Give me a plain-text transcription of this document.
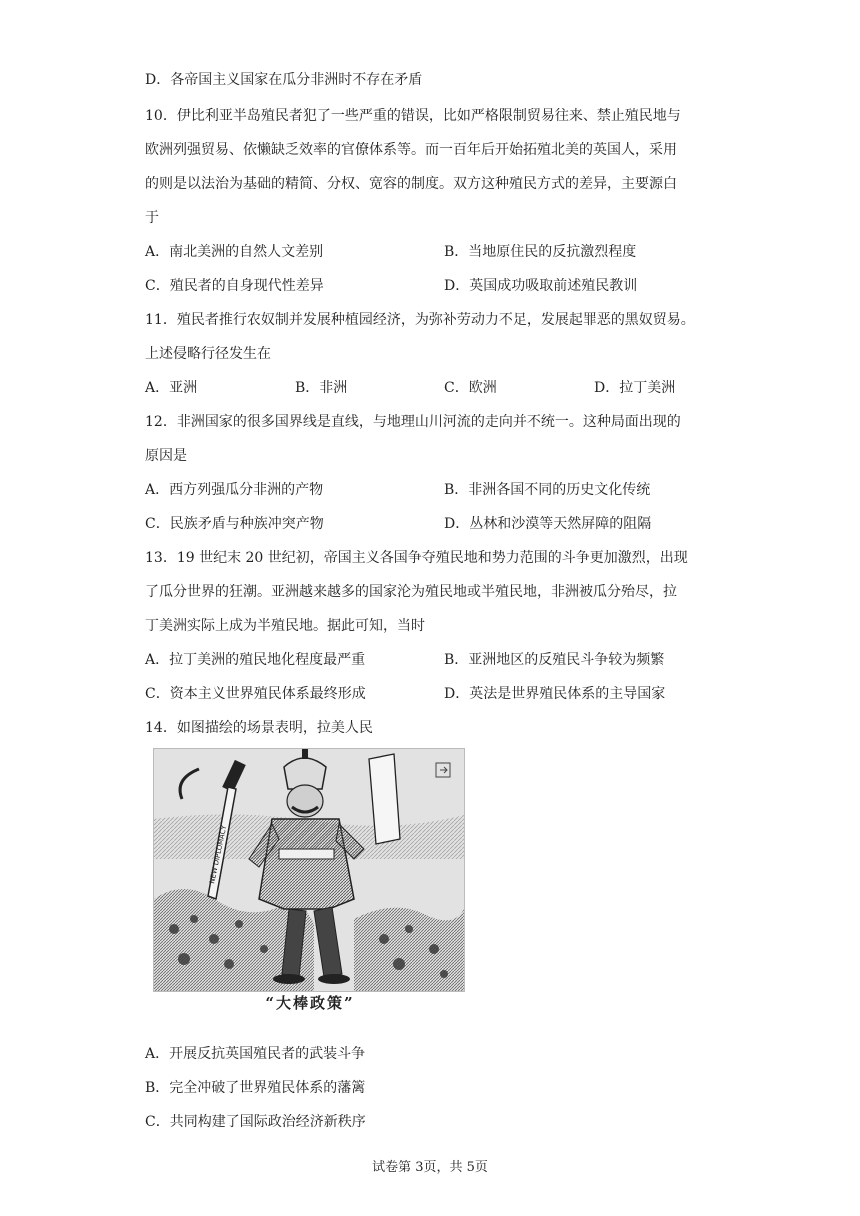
D．各帝国主义国家在瓜分非洲时不存在矛盾
10．伊比利亚半岛殖民者犯了一些严重的错误，比如严格限制贸易往来、禁止殖民地与
欧洲列强贸易、依懒缺乏效率的官僚体系等。而一百年后开始拓殖北美的英国人，采用
的则是以法治为基础的精简、分权、宽容的制度。双方这种殖民方式的差异，主要源白
于
A．南北美洲的自然人文差别	B．当地原住民的反抗激烈程度
C．殖民者的自身现代性差异	D．英国成功吸取前述殖民教训
11．殖民者推行农奴制并发展种植园经济，为弥补劳动力不足，发展起罪恶的黑奴贸易。
上述侵略行径发生在
A．亚洲	B．非洲	C．欧洲	D．拉丁美洲
12．非洲国家的很多国界线是直线，与地理山川河流的走向并不统一。这种局面出现的
原因是
A．西方列强瓜分非洲的产物	B．非洲各国不同的历史文化传统
C．民族矛盾与种族冲突产物	D．丛林和沙漠等天然屏障的阻隔
13．19 世纪末 20 世纪初，帝国主义各国争夺殖民地和势力范围的斗争更加激烈，出现
了瓜分世界的狂潮。亚洲越来越多的国家沦为殖民地或半殖民地，非洲被瓜分殆尽，拉
丁美洲实际上成为半殖民地。据此可知，当时
A．拉丁美洲的殖民地化程度最严重	B．亚洲地区的反殖民斗争较为频繁
C．资本主义世界殖民体系最终形成	D．英法是世界殖民体系的主导国家
14．如图描绘的场景表明，拉美人民
NEW DIPLOMACY
“大棒政策”
A．开展反抗英国殖民者的武装斗争
B．完全冲破了世界殖民体系的藩篱
C．共同构建了国际政治经济新秩序
试卷第 3页，共 5页
